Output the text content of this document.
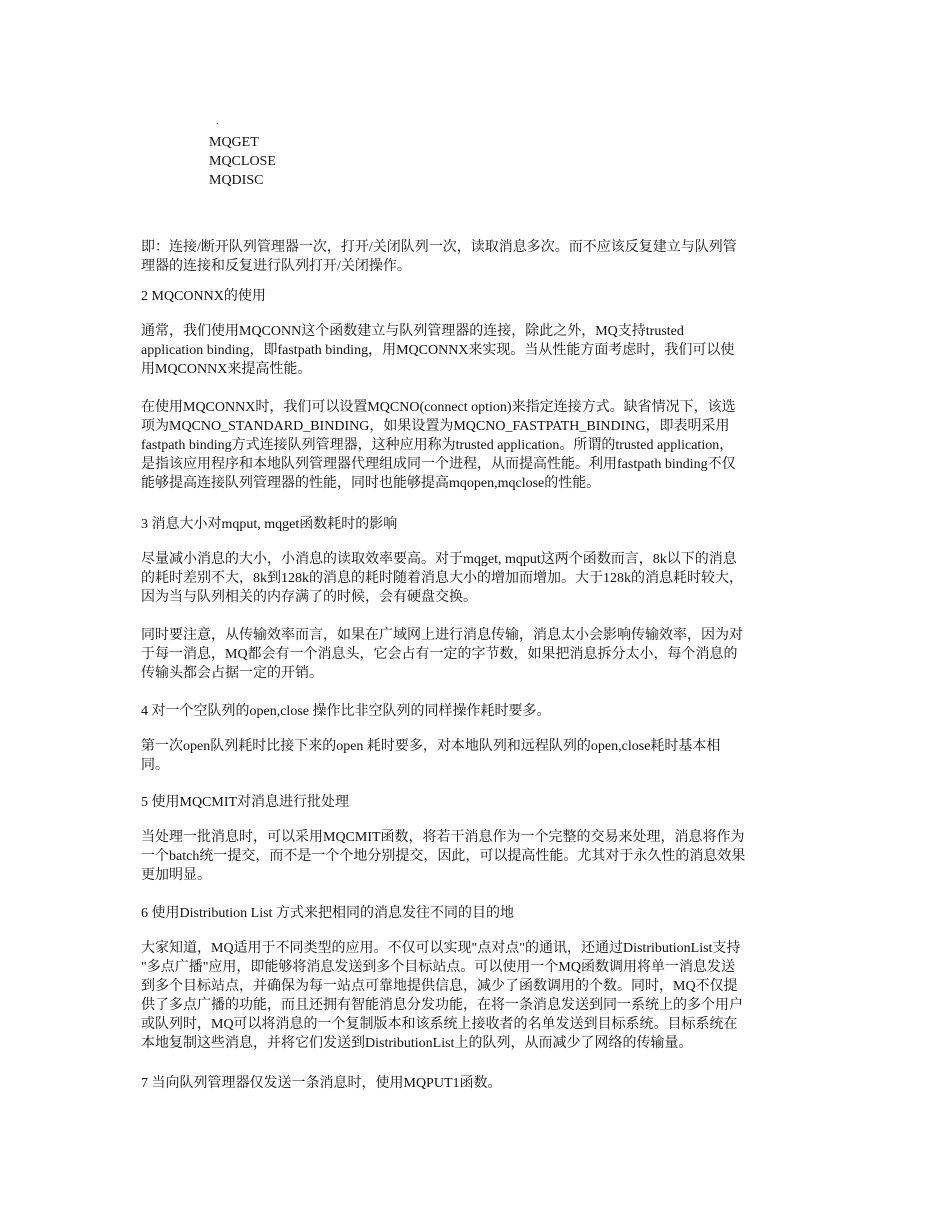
.
MQGET
MQCLOSE
MQDISC
即：连接/断开队列管理器一次，打开/关闭队列一次，读取消息多次。而不应该反复建立与队列管
理器的连接和反复进行队列打开/关闭操作。
2 MQCONNX的使用
通常，我们使用MQCONN这个函数建立与队列管理器的连接，除此之外，MQ支持trusted
application binding，即fastpath binding，用MQCONNX来实现。当从性能方面考虑时，我们可以使
用MQCONNX来提高性能。
在使用MQCONNX时，我们可以设置MQCNO(connect option)来指定连接方式。缺省情况下，该选
项为MQCNO_STANDARD_BINDING，如果设置为MQCNO_FASTPATH_BINDING，即表明采用
fastpath binding方式连接队列管理器，这种应用称为trusted application。所谓的trusted application，
是指该应用程序和本地队列管理器代理组成同一个进程，从而提高性能。利用fastpath binding不仅
能够提高连接队列管理器的性能，同时也能够提高mqopen,mqclose的性能。
3 消息大小对mqput, mqget函数耗时的影响
尽量减小消息的大小，小消息的读取效率要高。对于mqget, mqput这两个函数而言，8k以下的消息
的耗时差别不大，8k到128k的消息的耗时随着消息大小的增加而增加。大于128k的消息耗时较大，
因为当与队列相关的内存满了的时候，会有硬盘交换。
同时要注意，从传输效率而言，如果在广域网上进行消息传输，消息太小会影响传输效率，因为对
于每一消息，MQ都会有一个消息头，它会占有一定的字节数，如果把消息拆分太小，每个消息的
传输头都会占据一定的开销。
4 对一个空队列的open,close 操作比非空队列的同样操作耗时要多。
第一次open队列耗时比接下来的open 耗时要多，对本地队列和远程队列的open,close耗时基本相
同。
5 使用MQCMIT对消息进行批处理
当处理一批消息时，可以采用MQCMIT函数，将若干消息作为一个完整的交易来处理，消息将作为
一个batch统一提交，而不是一个个地分别提交，因此，可以提高性能。尤其对于永久性的消息效果
更加明显。
6 使用Distribution List 方式来把相同的消息发往不同的目的地
大家知道，MQ适用于不同类型的应用。不仅可以实现"点对点"的通讯，还通过DistributionList支持
"多点广播"应用，即能够将消息发送到多个目标站点。可以使用一个MQ函数调用将单一消息发送
到多个目标站点，并确保为每一站点可靠地提供信息，减少了函数调用的个数。同时，MQ不仅提
供了多点广播的功能，而且还拥有智能消息分发功能，在将一条消息发送到同一系统上的多个用户
或队列时，MQ可以将消息的一个复制版本和该系统上接收者的名单发送到目标系统。目标系统在
本地复制这些消息，并将它们发送到DistributionList上的队列，从而减少了网络的传输量。
7 当向队列管理器仅发送一条消息时，使用MQPUT1函数。
